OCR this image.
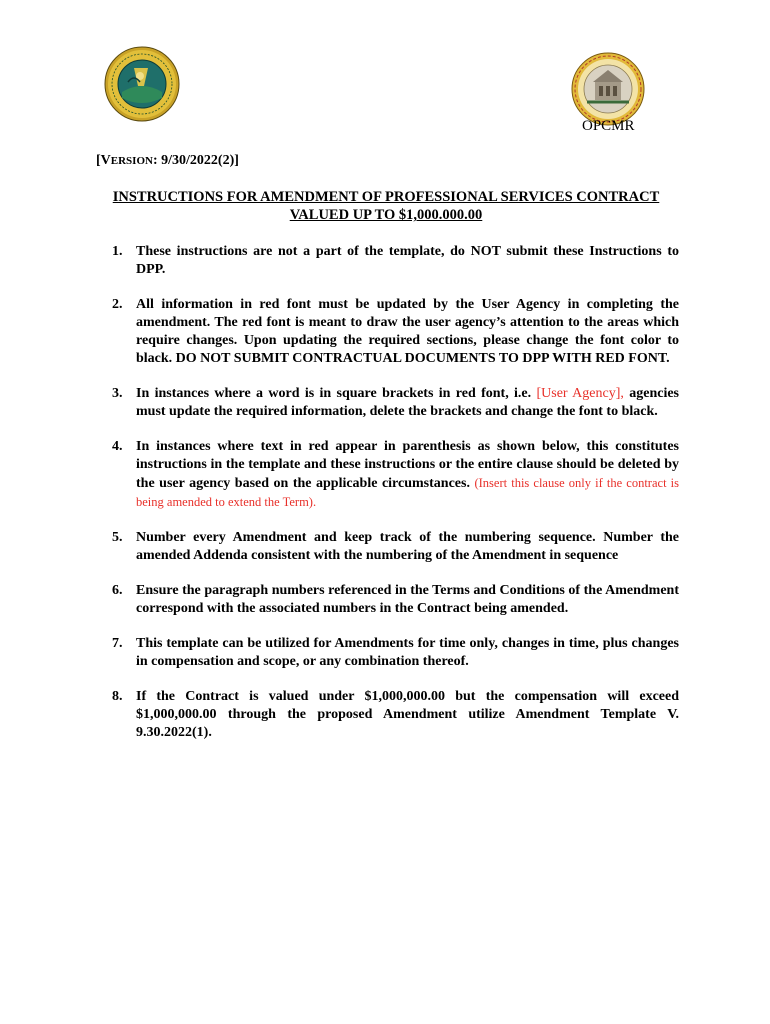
OPCMR
[VERSION: 9/30/2022(2)]
INSTRUCTIONS FOR AMENDMENT OF PROFESSIONAL SERVICES CONTRACT
VALUED UP TO $1,000.000.00
1. These instructions are not a part of the template, do NOT submit these Instructions to DPP.
2. All information in red font must be updated by the User Agency in completing the amendment. The red font is meant to draw the user agency’s attention to the areas which require changes. Upon updating the required sections, please change the font color to black. DO NOT SUBMIT CONTRACTUAL DOCUMENTS TO DPP WITH RED FONT.
3. In instances where a word is in square brackets in red font, i.e. [User Agency], agencies must update the required information, delete the brackets and change the font to black.
4. In instances where text in red appear in parenthesis as shown below, this constitutes instructions in the template and these instructions or the entire clause should be deleted by the user agency based on the applicable circumstances. (Insert this clause only if the contract is being amended to extend the Term).
5. Number every Amendment and keep track of the numbering sequence. Number the amended Addenda consistent with the numbering of the Amendment in sequence
6. Ensure the paragraph numbers referenced in the Terms and Conditions of the Amendment correspond with the associated numbers in the Contract being amended.
7. This template can be utilized for Amendments for time only, changes in time, plus changes in compensation and scope, or any combination thereof.
8. If the Contract is valued under $1,000,000.00 but the compensation will exceed $1,000,000.00 through the proposed Amendment utilize Amendment Template V. 9.30.2022(1).
